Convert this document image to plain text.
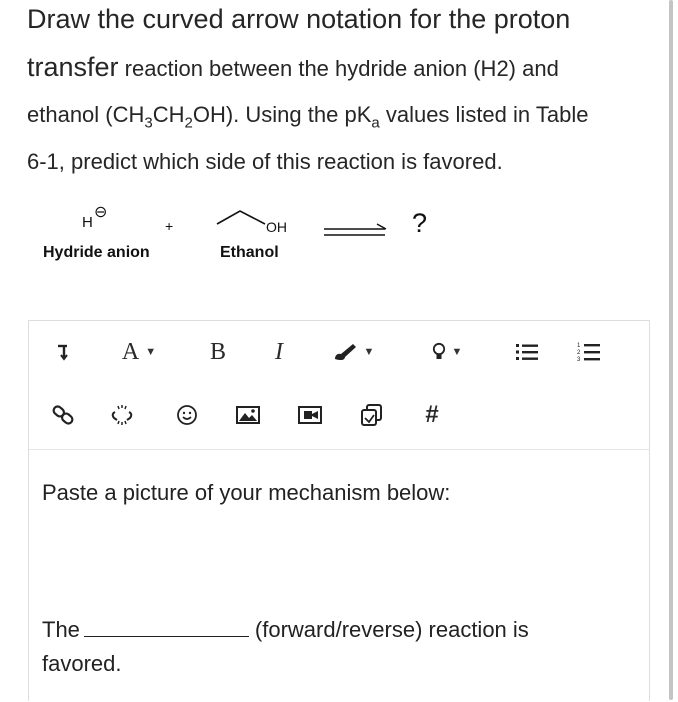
Draw the curved arrow notation for the proton
transfer reaction between the hydride anion (H2) and
ethanol $(CH_3CH_2OH)$. Using the $pK_a$ values listed in Table
6-1, predict which side of this reaction is favored.
H
⊖
+	OH	?
Hydride anion	Ethanol
A ▼ B I	▼	▼	1
2
3
#
Paste a picture of your mechanism below:
The	(forward/reverse) reaction is
favored.
